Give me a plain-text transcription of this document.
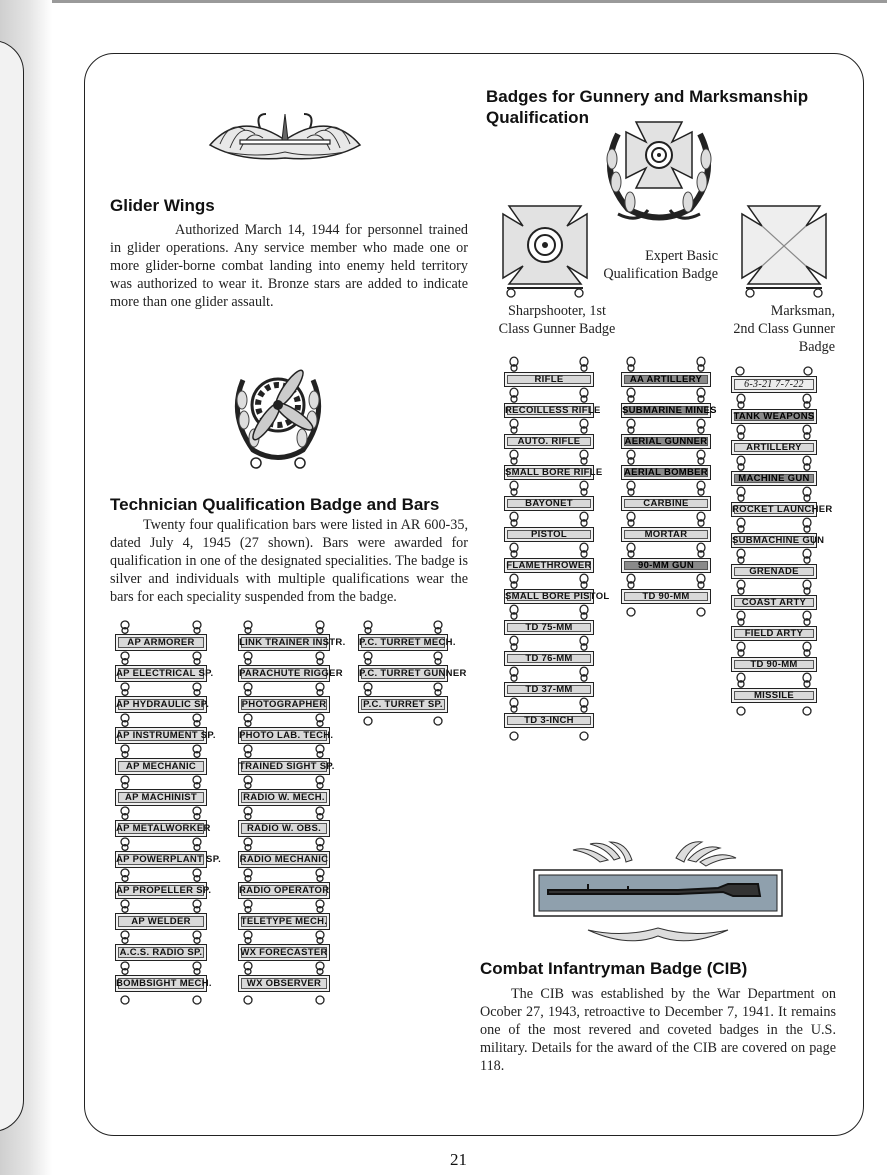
Glider Wings
Authorized March 14, 1944 for personnel trained in glider operations. Any service member who made one or more glider-borne combat landing into enemy held territory was authorized to wear it. Bronze stars are added to indicate more than one glider assault.
Technician Qualification Badge and Bars
Twenty four qualification bars were listed in AR 600-35, dated July 4, 1945 (27 shown). Bars were awarded for qualification in one of the designated specialities. The badge is silver and individuals with multiple qualifications wear the bars for each speciality suspended from the badge.
Badges for Gunnery and Marksmanship
Qualification
Expert Basic
Qualification Badge
Sharpshooter, 1st
Class Gunner Badge
Marksman,
2nd Class Gunner
Badge
AP ARMORER
AP ELECTRICAL SP.
AP HYDRAULIC SP.
AP INSTRUMENT SP.
AP MECHANIC
AP MACHINIST
AP METALWORKER
AP POWERPLANT SP.
AP PROPELLER SP.
AP WELDER
A.C.S. RADIO SP.
BOMBSIGHT MECH.
LINK TRAINER INSTR.
PARACHUTE RIGGER
PHOTOGRAPHER
PHOTO LAB. TECH.
TRAINED SIGHT SP.
RADIO W. MECH.
RADIO W. OBS.
RADIO MECHANIC
RADIO OPERATOR
TELETYPE MECH.
WX FORECASTER
WX OBSERVER
P.C. TURRET MECH.
P.C. TURRET GUNNER
P.C. TURRET SP.
RIFLE
RECOILLESS RIFLE
AUTO. RIFLE
SMALL BORE RIFLE
BAYONET
PISTOL
FLAMETHROWER
SMALL BORE PISTOL
TD 75-MM
TD 76-MM
TD 37-MM
TD 3-INCH
AA ARTILLERY
SUBMARINE MINES
AERIAL GUNNER
AERIAL BOMBER
CARBINE
MORTAR
90-MM GUN
TD 90-MM
6-3-21 7-7-22
TANK WEAPONS
ARTILLERY
MACHINE GUN
ROCKET LAUNCHER
SUBMACHINE GUN
GRENADE
COAST ARTY
FIELD ARTY
TD 90-MM
MISSILE
Combat Infantryman Badge (CIB)
The CIB was established by the War Department on Ocober 27, 1943, retroactive to December 7, 1941. It remains one of the most revered and coveted badges in the U.S. military. Details for the award of the CIB are covered on page 118.
21
